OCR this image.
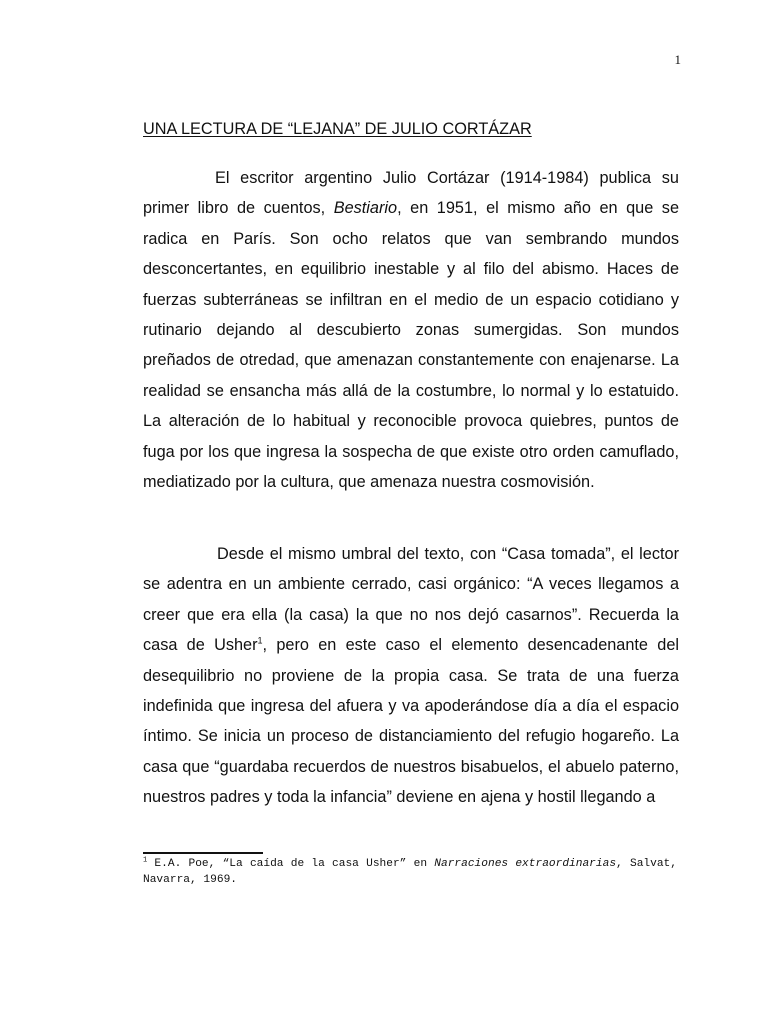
1
UNA LECTURA DE “LEJANA” DE JULIO CORTÁZAR

El escritor argentino Julio Cortázar (1914-1984) publica su primer libro de cuentos, Bestiario, en 1951, el mismo año en que se radica en París. Son ocho relatos que van sembrando mundos desconcertantes, en equilibrio inestable y al filo del abismo. Haces de fuerzas subterráneas se infiltran en el medio de un espacio cotidiano y rutinario dejando al descubierto zonas sumergidas. Son mundos preñados de otredad, que amenazan constantemente con enajenarse. La realidad se ensancha más allá de la costumbre, lo normal y lo estatuido. La alteración de lo habitual y reconocible provoca quiebres, puntos de fuga por los que ingresa la sospecha de que existe otro orden camuflado, mediatizado por la cultura, que amenaza nuestra cosmovisión.

Desde el mismo umbral del texto, con “Casa tomada”, el lector se adentra en un ambiente cerrado, casi orgánico: “A veces llegamos a creer que era ella (la casa) la que no nos dejó casarnos”. Recuerda la casa de Usher$^1$, pero en este caso el elemento desencadenante del desequilibrio no proviene de la propia casa. Se trata de una fuerza indefinida que ingresa del afuera y va apoderándose día a día el espacio íntimo. Se inicia un proceso de distanciamiento del refugio hogareño. La casa que “guardaba recuerdos de nuestros bisabuelos, el abuelo paterno, nuestros padres y toda la infancia” deviene en ajena y hostil llegando a

$^1$ E.A. Poe, “La caída de la casa Usher” en Narraciones extraordinarias, Salvat, Navarra, 1969.
